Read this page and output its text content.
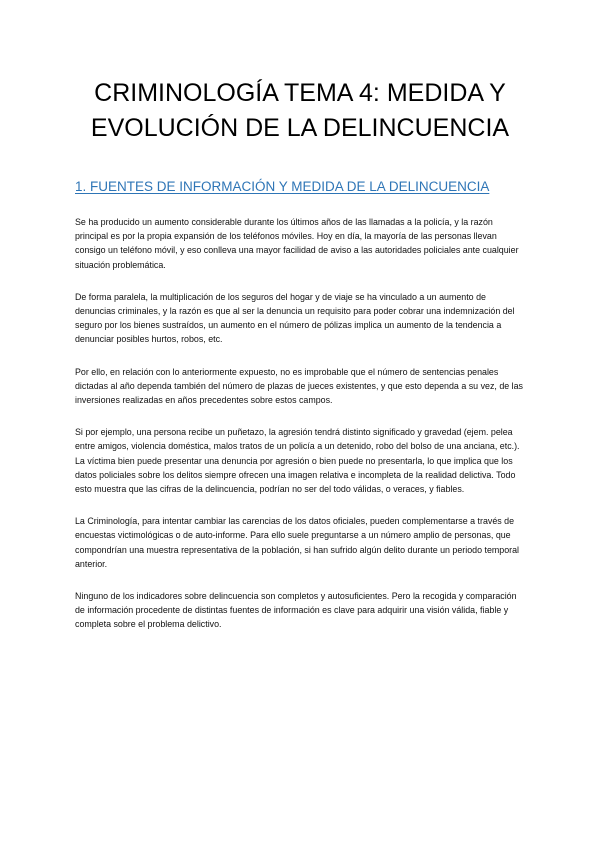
CRIMINOLOGÍA TEMA 4: MEDIDA Y
EVOLUCIÓN DE LA DELINCUENCIA
1. FUENTES DE INFORMACIÓN Y MEDIDA DE LA DELINCUENCIA

Se ha producido un aumento considerable durante los últimos años de las llamadas a la policía, y la razón principal es por la propia expansión de los teléfonos móviles. Hoy en día, la mayoría de las personas llevan consigo un teléfono móvil, y eso conlleva una mayor facilidad de aviso a las autoridades policiales ante cualquier situación problemática.

De forma paralela, la multiplicación de los seguros del hogar y de viaje se ha vinculado a un aumento de denuncias criminales, y la razón es que al ser la denuncia un requisito para poder cobrar una indemnización del seguro por los bienes sustraídos, un aumento en el número de pólizas implica un aumento de la tendencia a denunciar posibles hurtos, robos, etc.

Por ello, en relación con lo anteriormente expuesto, no es improbable que el número de sentencias penales dictadas al año dependa también del número de plazas de jueces existentes, y que esto dependa a su vez, de las inversiones realizadas en años precedentes sobre estos campos.

Si por ejemplo, una persona recibe un puñetazo, la agresión tendrá distinto significado y gravedad (ejem. pelea entre amigos, violencia doméstica, malos tratos de un policía a un detenido, robo del bolso de una anciana, etc.). La víctima bien puede presentar una denuncia por agresión o bien puede no presentarla, lo que implica que los datos policiales sobre los delitos siempre ofrecen una imagen relativa e incompleta de la realidad delictiva. Todo esto muestra que las cifras de la delincuencia, podrían no ser del todo válidas, o veraces, y fiables.

La Criminología, para intentar cambiar las carencias de los datos oficiales, pueden complementarse a través de encuestas victimológicas o de auto-informe. Para ello suele preguntarse a un número amplio de personas, que compondrían una muestra representativa de la población, si han sufrido algún delito durante un periodo temporal anterior.

Ninguno de los indicadores sobre delincuencia son completos y autosuficientes. Pero la recogida y comparación de información procedente de distintas fuentes de información es clave para adquirir una visión válida, fiable y completa sobre el problema delictivo.
